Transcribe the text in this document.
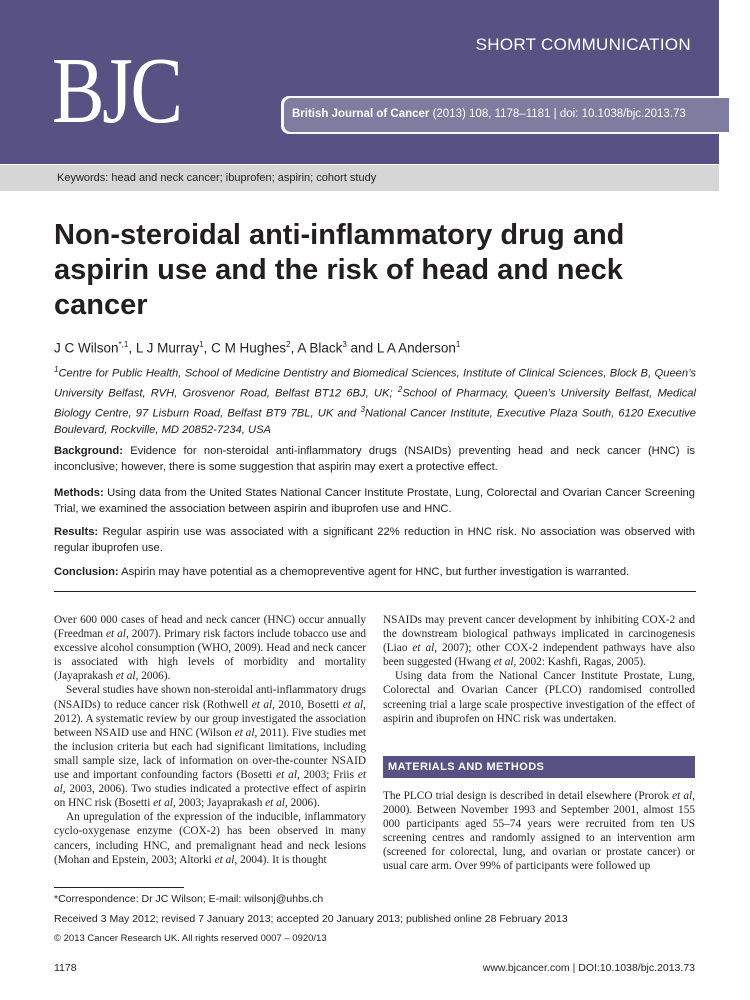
BJC	SHORT COMMUNICATION
British Journal of Cancer (2013) 108, 1178–1181 | doi: 10.1038/bjc.2013.73
Keywords: head and neck cancer; ibuprofen; aspirin; cohort study
Non-steroidal anti-inflammatory drug and aspirin use and the risk of head and neck cancer
J C Wilson$^{*,1}$, L J Murray$^1$, C M Hughes$^2$, A Black$^3$ and L A Anderson$^1$
$^1$Centre for Public Health, School of Medicine Dentistry and Biomedical Sciences, Institute of Clinical Sciences, Block B, Queen’s University Belfast, RVH, Grosvenor Road, Belfast BT12 6BJ, UK; $^2$School of Pharmacy, Queen’s University Belfast, Medical Biology Centre, 97 Lisburn Road, Belfast BT9 7BL, UK and $^3$National Cancer Institute, Executive Plaza South, 6120 Executive Boulevard, Rockville, MD 20852-7234, USA
Background: Evidence for non-steroidal anti-inflammatory drugs (NSAIDs) preventing head and neck cancer (HNC) is inconclusive; however, there is some suggestion that aspirin may exert a protective effect.
Methods: Using data from the United States National Cancer Institute Prostate, Lung, Colorectal and Ovarian Cancer Screening Trial, we examined the association between aspirin and ibuprofen use and HNC.
Results: Regular aspirin use was associated with a significant 22% reduction in HNC risk. No association was observed with regular ibuprofen use.
Conclusion: Aspirin may have potential as a chemopreventive agent for HNC, but further investigation is warranted.

Over 600 000 cases of head and neck cancer (HNC) occur annually (Freedman et al, 2007). Primary risk factors include tobacco use and excessive alcohol consumption (WHO, 2009). Head and neck cancer is associated with high levels of morbidity and mortality (Jayaprakash et al, 2006).

Several studies have shown non-steroidal anti-inflammatory drugs (NSAIDs) to reduce cancer risk (Rothwell et al, 2010, Bosetti et al, 2012). A systematic review by our group investigated the association between NSAID use and HNC (Wilson et al, 2011). Five studies met the inclusion criteria but each had significant limitations, including small sample size, lack of information on over-the-counter NSAID use and important confounding factors (Bosetti et al, 2003; Friis et al, 2003, 2006). Two studies indicated a protective effect of aspirin on HNC risk (Bosetti et al, 2003; Jayaprakash et al, 2006).

An upregulation of the expression of the inducible, inflammatory cyclo-oxygenase enzyme (COX-2) has been observed in many cancers, including HNC, and premalignant head and neck lesions (Mohan and Epstein, 2003; Altorki et al, 2004). It is thought

NSAIDs may prevent cancer development by inhibiting COX-2 and the downstream biological pathways implicated in carcinogenesis (Liao et al, 2007); other COX-2 independent pathways have also been suggested (Hwang et al, 2002: Kashfi, Ragas, 2005).

Using data from the National Cancer Institute Prostate, Lung, Colorectal and Ovarian Cancer (PLCO) randomised controlled screening trial a large scale prospective investigation of the effect of aspirin and ibuprofen on HNC risk was undertaken.

MATERIALS AND METHODS

The PLCO trial design is described in detail elsewhere (Prorok et al, 2000). Between November 1993 and September 2001, almost 155 000 participants aged 55–74 years were recruited from ten US screening centres and randomly assigned to an intervention arm (screened for colorectal, lung, and ovarian or prostate cancer) or usual care arm. Over 99% of participants were followed up

*Correspondence: Dr JC Wilson; E-mail: wilsonj@uhbs.ch
Received 3 May 2012; revised 7 January 2013; accepted 20 January 2013; published online 28 February 2013
© 2013 Cancer Research UK. All rights reserved 0007 – 0920/13
1178	www.bjcancer.com | DOI:10.1038/bjc.2013.73
